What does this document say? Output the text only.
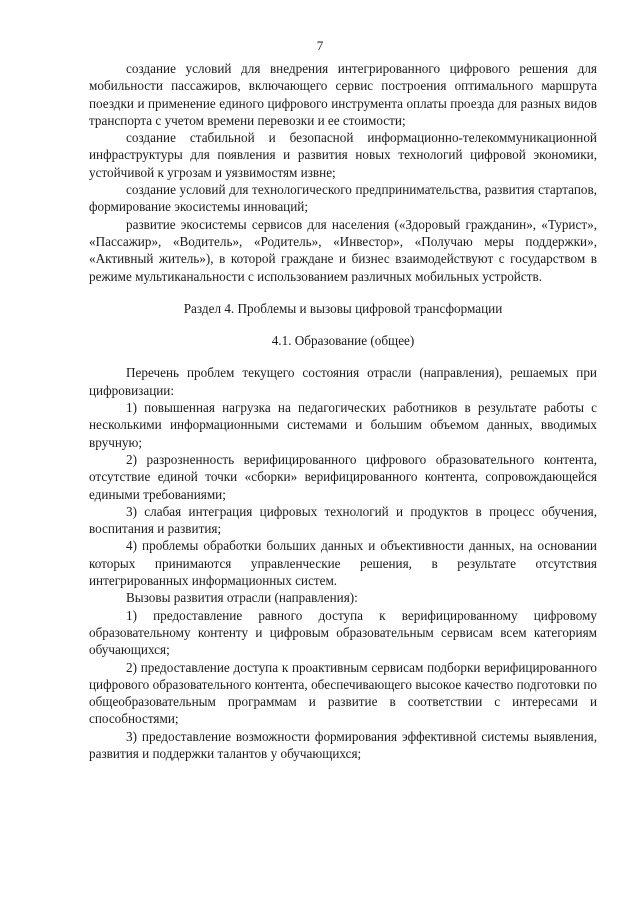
7

создание условий для внедрения интегрированного цифрового решения для мобильности пассажиров, включающего сервис построения оптимального маршрута поездки и применение единого цифрового инструмента оплаты проезда для разных видов транспорта с учетом времени перевозки и ее стоимости;

создание стабильной и безопасной информационно-телекоммуникационной инфраструктуры для появления и развития новых технологий цифровой экономики, устойчивой к угрозам и уязвимостям извне;

создание условий для технологического предпринимательства, развития стартапов, формирование экосистемы инноваций;

развитие экосистемы сервисов для населения («Здоровый гражданин», «Турист», «Пассажир», «Водитель», «Родитель», «Инвестор», «Получаю меры поддержки», «Активный житель»), в которой граждане и бизнес взаимодействуют с государством в режиме мультиканальности с использованием различных мобильных устройств.

Раздел 4. Проблемы и вызовы цифровой трансформации

4.1. Образование (общее)

Перечень проблем текущего состояния отрасли (направления), решаемых при цифровизации:

1) повышенная нагрузка на педагогических работников в результате работы с несколькими информационными системами и большим объемом данных, вводимых вручную;

2) разрозненность верифицированного цифрового образовательного контента, отсутствие единой точки «сборки» верифицированного контента, сопровождающейся едиными требованиями;

3) слабая интеграция цифровых технологий и продуктов в процесс обучения, воспитания и развития;

4) проблемы обработки больших данных и объективности данных, на основании которых принимаются управленческие решения, в результате отсутствия интегрированных информационных систем.

Вызовы развития отрасли (направления):

1) предоставление равного доступа к верифицированному цифровому образовательному контенту и цифровым образовательным сервисам всем категориям обучающихся;

2) предоставление доступа к проактивным сервисам подборки верифицированного цифрового образовательного контента, обеспечивающего высокое качество подготовки по общеобразовательным программам и развитие в соответствии с интересами и способностями;

3) предоставление возможности формирования эффективной системы выявления, развития и поддержки талантов у обучающихся;
